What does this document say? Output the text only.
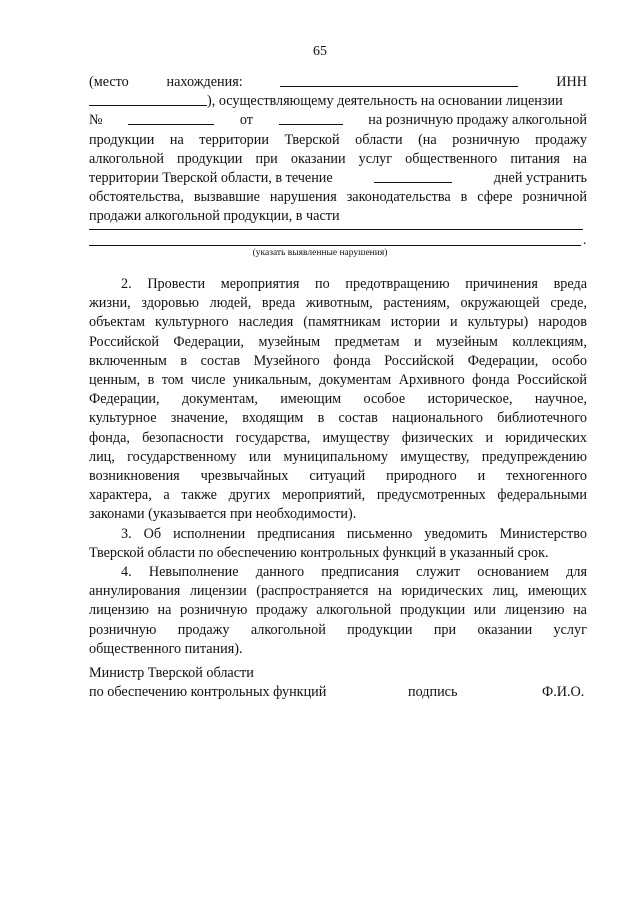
65
(место	нахождения:	ИНН
), осуществляющему деятельность на основании лицензии
№	от	на розничную продажу алкогольной
продукции на территории Тверской области (на розничную продажу
алкогольной продукции при оказании услуг общественного питания на
территории Тверской области, в течение	дней устранить
обстоятельства, вызвавшие нарушения законодательства в сфере розничной
продажи алкогольной продукции, в части
.
(указать выявленные нарушения)
2. Провести мероприятия по предотвращению причинения вреда
жизни, здоровью людей, вреда животным, растениям, окружающей среде,
объектам культурного наследия (памятникам истории и культуры) народов
Российской Федерации, музейным предметам и музейным коллекциям,
включенным в состав Музейного фонда Российской Федерации, особо
ценным, в том числе уникальным, документам Архивного фонда Российской
Федерации, документам, имеющим особое историческое, научное,
культурное значение, входящим в состав национального библиотечного
фонда, безопасности государства, имуществу физических и юридических
лиц, государственному или муниципальному имуществу, предупреждению
возникновения чрезвычайных ситуаций природного и техногенного
характера, а также других мероприятий, предусмотренных федеральными
законами (указывается при необходимости).
3. Об исполнении предписания письменно уведомить Министерство
Тверской области по обеспечению контрольных функций в указанный срок.
4. Невыполнение данного предписания служит основанием для
аннулирования лицензии (распространяется на юридических лиц, имеющих
лицензию на розничную продажу алкогольной продукции или лицензию на
розничную продажу алкогольной продукции при оказании услуг
общественного питания).
Министр Тверской области
по обеспечению контрольных функций	подпись	Ф.И.О.
